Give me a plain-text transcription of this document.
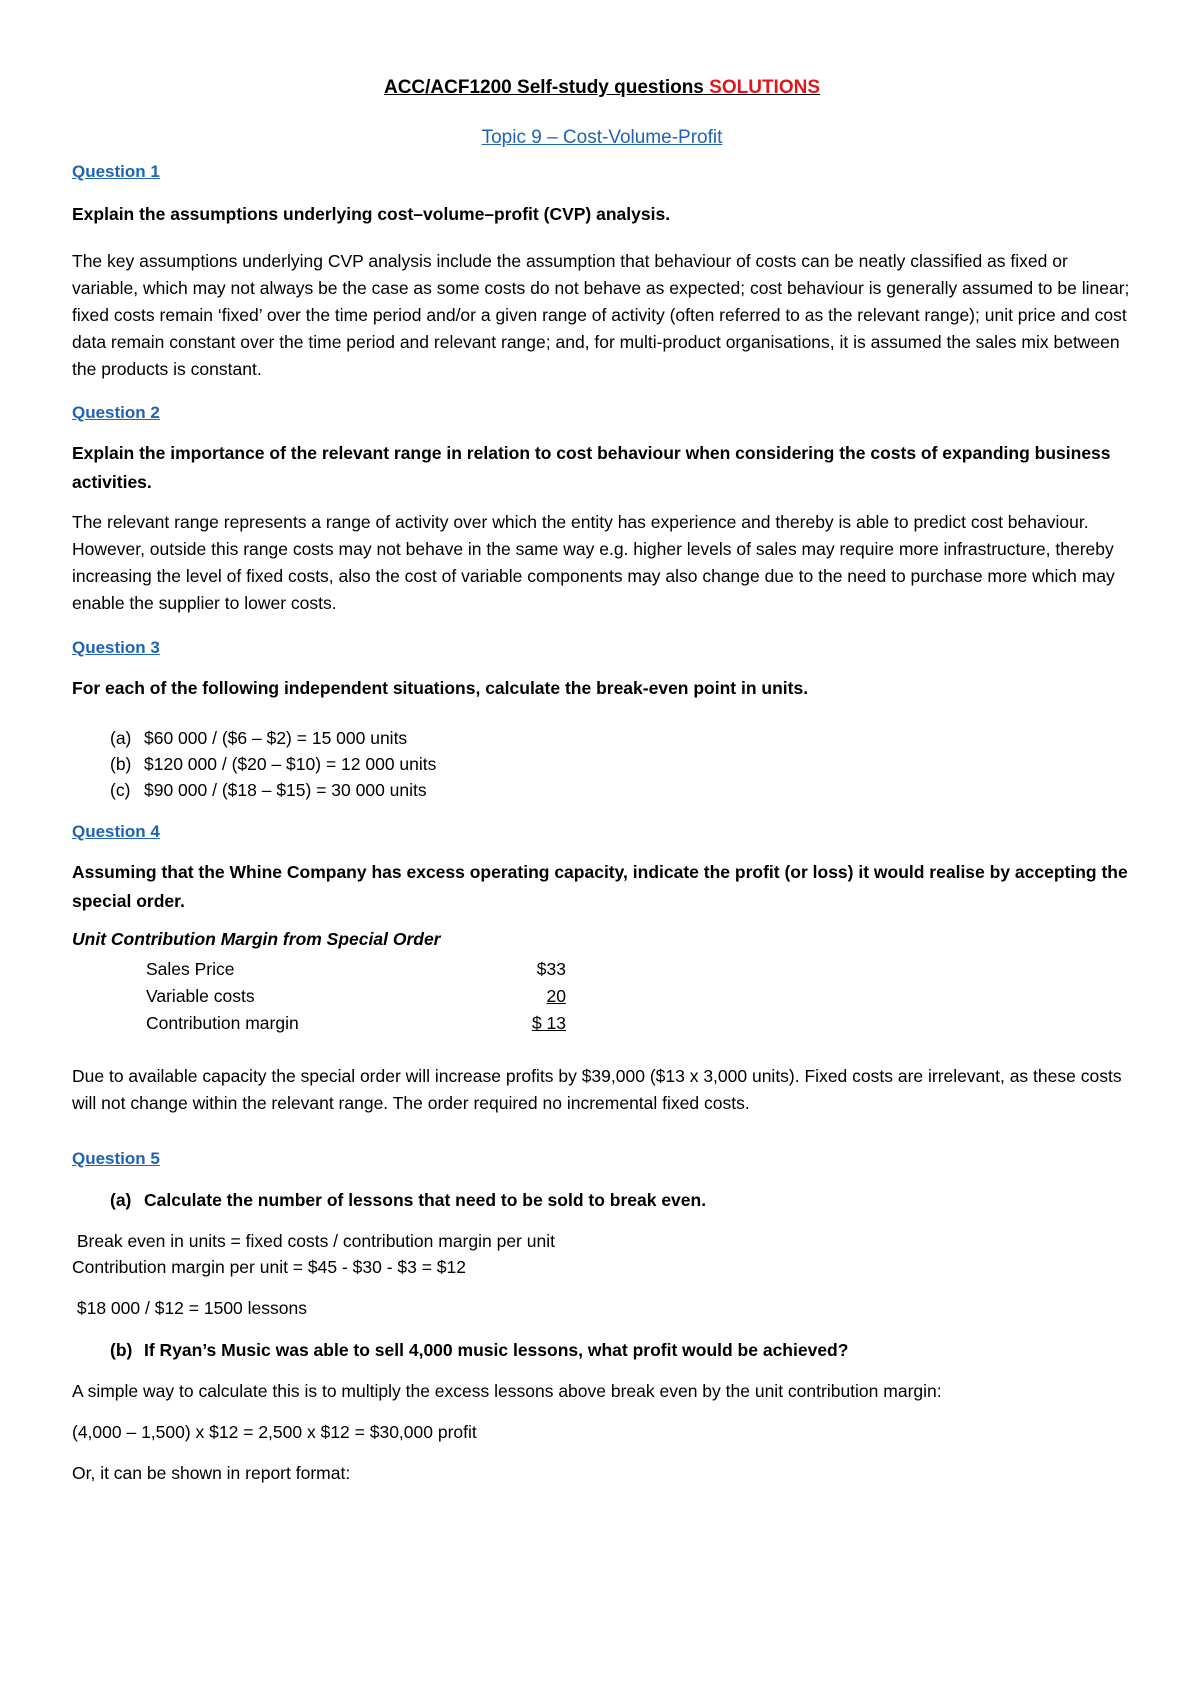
ACC/ACF1200 Self-study questions SOLUTIONS
Topic 9 – Cost-Volume-Profit
Question 1
Explain the assumptions underlying cost–volume–profit (CVP) analysis.
The key assumptions underlying CVP analysis include the assumption that behaviour of costs can be neatly classified as fixed or variable, which may not always be the case as some costs do not behave as expected; cost behaviour is generally assumed to be linear; fixed costs remain ‘fixed’ over the time period and/or a given range of activity (often referred to as the relevant range); unit price and cost data remain constant over the time period and relevant range; and, for multi-product organisations, it is assumed the sales mix between the products is constant.
Question 2
Explain the importance of the relevant range in relation to cost behaviour when considering the costs of expanding business activities.
The relevant range represents a range of activity over which the entity has experience and thereby is able to predict cost behaviour. However, outside this range costs may not behave in the same way e.g. higher levels of sales may require more infrastructure, thereby increasing the level of fixed costs, also the cost of variable components may also change due to the need to purchase more which may enable the supplier to lower costs.
Question 3
For each of the following independent situations, calculate the break-even point in units.
(a) $60 000 / ($6 – $2) = 15 000 units
(b) $120 000 / ($20 – $10) = 12 000 units
(c) $90 000 / ($18 – $15) = 30 000 units
Question 4
Assuming that the Whine Company has excess operating capacity, indicate the profit (or loss) it would realise by accepting the special order.
Unit Contribution Margin from Special Order
Sales Price	$33
Variable costs	20
Contribution margin	$ 13
Due to available capacity the special order will increase profits by $39,000 ($13 x 3,000 units). Fixed costs are irrelevant, as these costs will not change within the relevant range. The order required no incremental fixed costs.
Question 5
(a) Calculate the number of lessons that need to be sold to break even.
Break even in units = fixed costs / contribution margin per unit
Contribution margin per unit = $45 - $30 - $3 = $12
$18 000 / $12 = 1500 lessons
(b) If Ryan’s Music was able to sell 4,000 music lessons, what profit would be achieved?
A simple way to calculate this is to multiply the excess lessons above break even by the unit contribution margin:
(4,000 – 1,500) x $12 = 2,500 x $12 = $30,000 profit
Or, it can be shown in report format:
